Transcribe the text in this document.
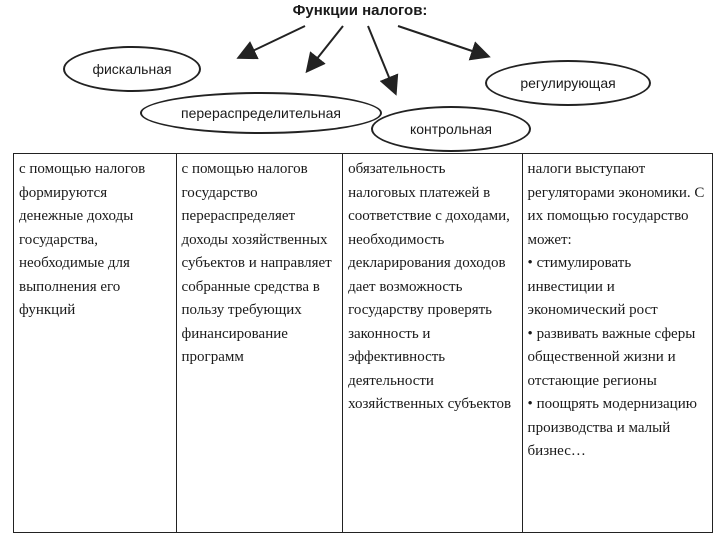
Функции налогов:
фискальная
перераспределительная
контрольная
регулирующая

с помощью налогов формируются денежные доходы государства, необходимые для выполнения его функций

с помощью налогов государство перераспределяет доходы хозяйственных субъектов и направляет собранные средства в пользу требующих финансирование программ

обязательность налоговых платежей в соответствие с доходами, необходимость декларирования доходов дает возможность государству проверять законность и эффективность деятельности хозяйственных субъектов

налоги выступают регуляторами экономики. С их помощью государство может:

• стимулировать инвестиции и экономический рост

• развивать важные сферы общественной жизни и отстающие регионы

• поощрять модернизацию производства и малый бизнес…
